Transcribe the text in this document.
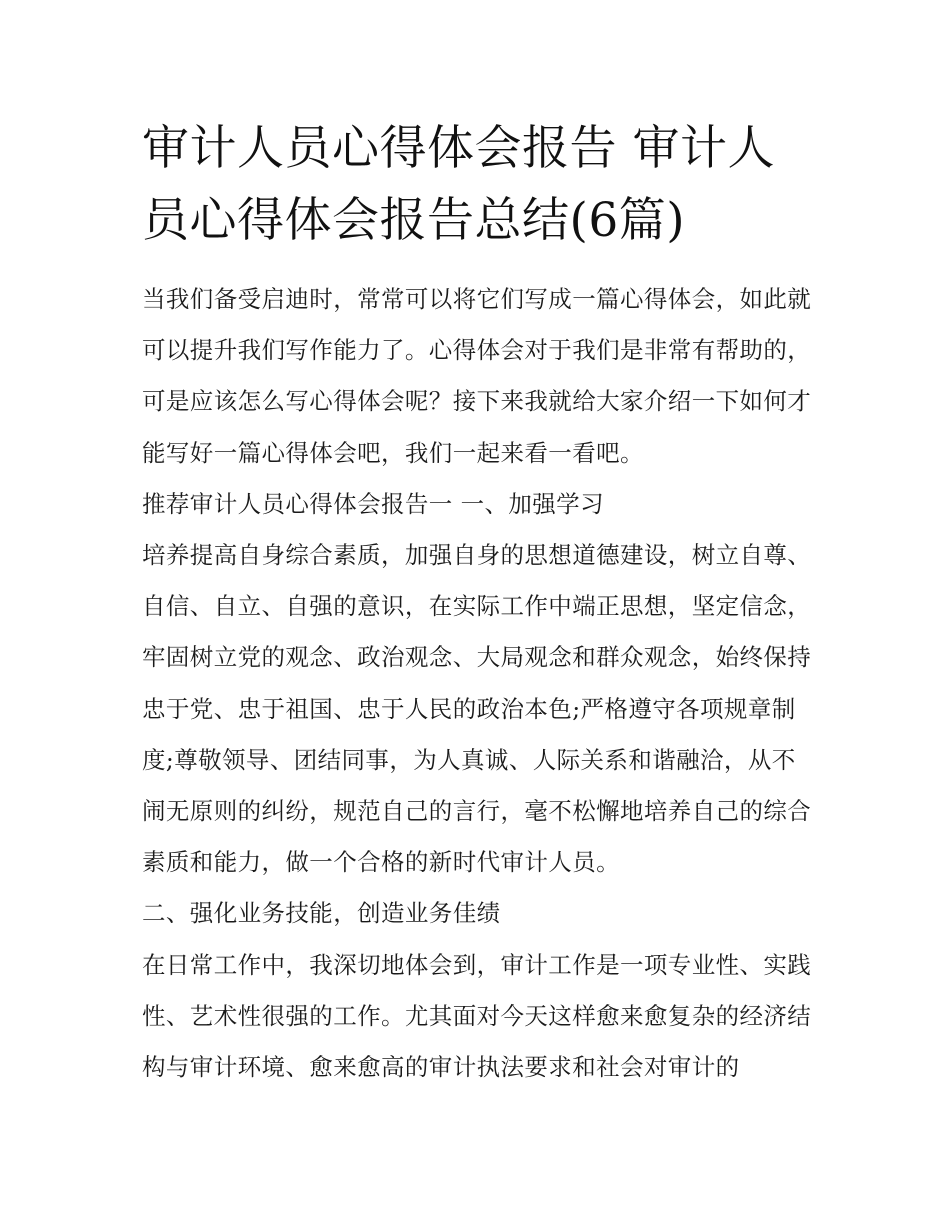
审计人员心得体会报告 审计人员心得体会报告总结(6篇)

当我们备受启迪时，常常可以将它们写成一篇心得体会，如此就可以提升我们写作能力了。心得体会对于我们是非常有帮助的，可是应该怎么写心得体会呢？接下来我就给大家介绍一下如何才能写好一篇心得体会吧，我们一起来看一看吧。

推荐审计人员心得体会报告一 一、加强学习

培养提高自身综合素质，加强自身的思想道德建设，树立自尊、自信、自立、自强的意识，在实际工作中端正思想，坚定信念，牢固树立党的观念、政治观念、大局观念和群众观念，始终保持忠于党、忠于祖国、忠于人民的政治本色;严格遵守各项规章制度;尊敬领导、团结同事，为人真诚、人际关系和谐融洽，从不闹无原则的纠纷，规范自己的言行，毫不松懈地培养自己的综合素质和能力，做一个合格的新时代审计人员。

二、强化业务技能，创造业务佳绩

在日常工作中，我深切地体会到，审计工作是一项专业性、实践性、艺术性很强的工作。尤其面对今天这样愈来愈复杂的经济结构与审计环境、愈来愈高的审计执法要求和社会对审计的
